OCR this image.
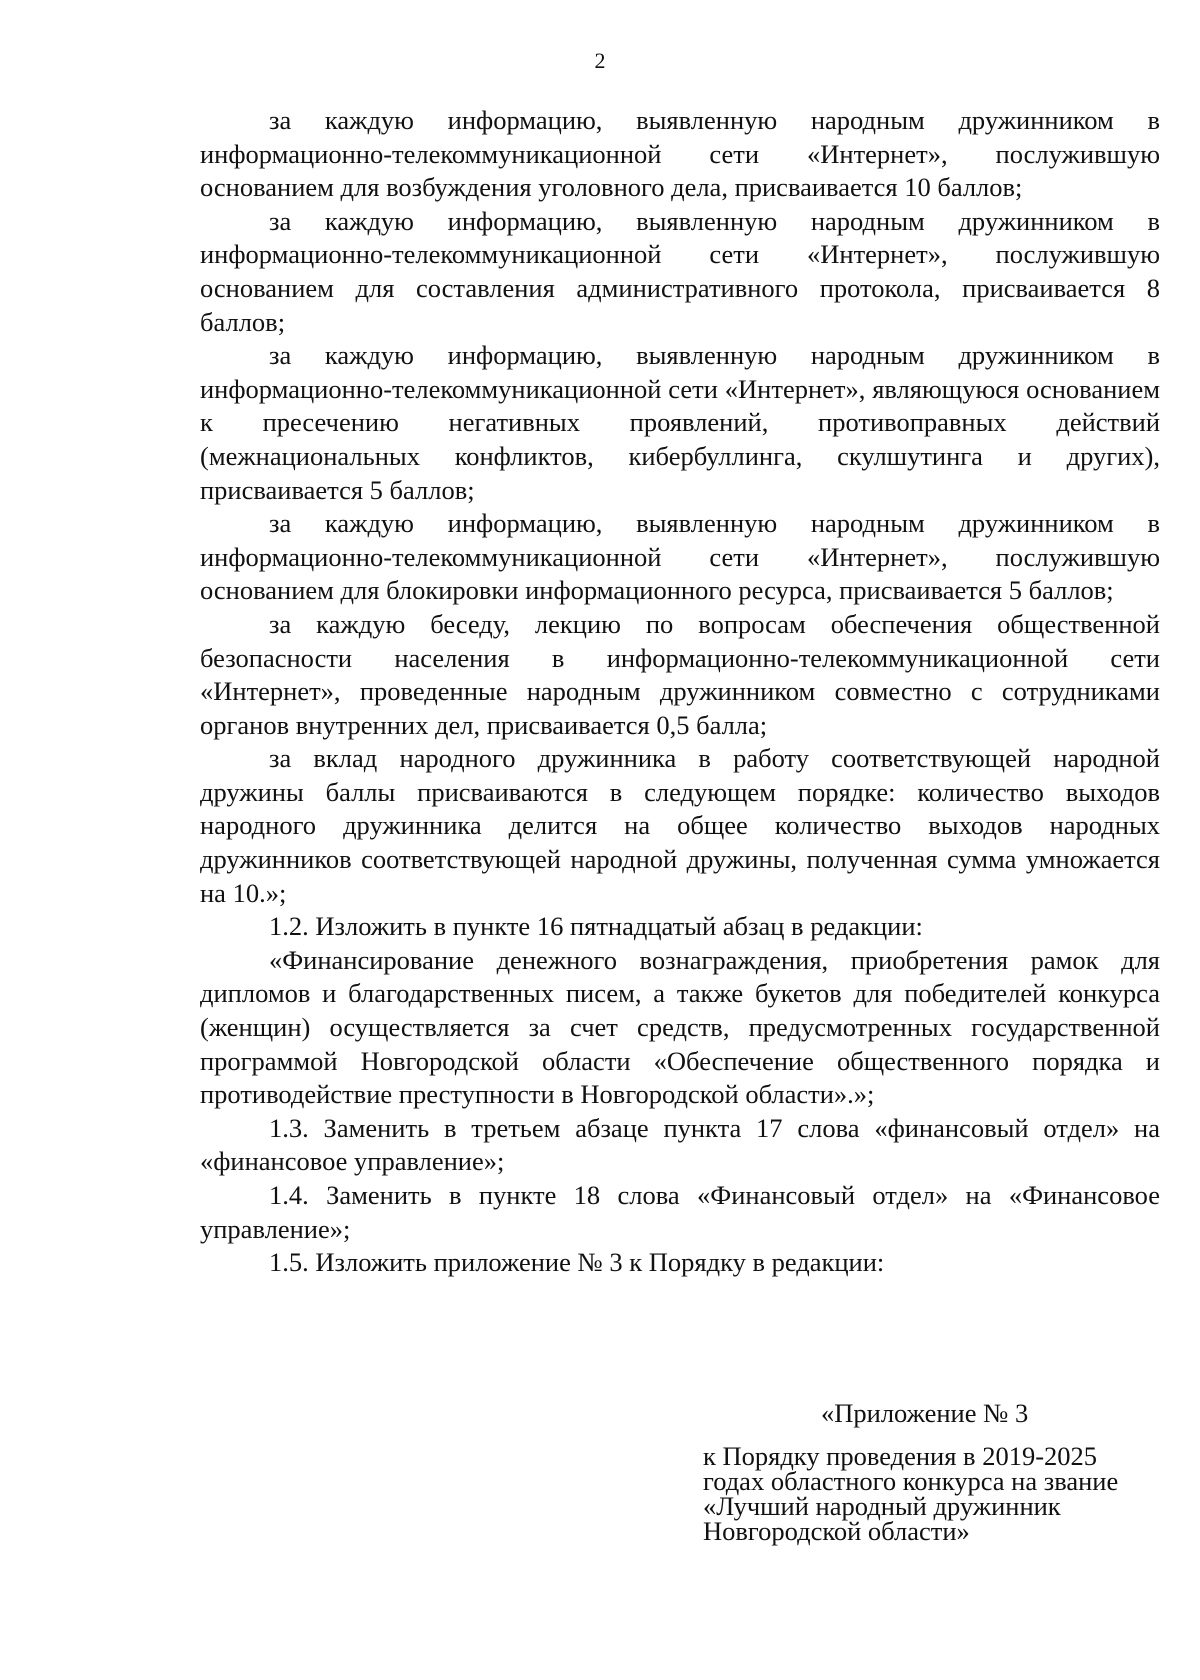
2

за каждую информацию, выявленную народным дружинником в информационно-телекоммуникационной сети «Интернет», послужившую основанием для возбуждения уголовного дела, присваивается 10 баллов;

за каждую информацию, выявленную народным дружинником в информационно-телекоммуникационной сети «Интернет», послужившую основанием для составления административного протокола, присваивается 8 баллов;

за каждую информацию, выявленную народным дружинником в информационно-телекоммуникационной сети «Интернет», являющуюся основанием к пресечению негативных проявлений, противоправных действий (межнациональных конфликтов, кибербуллинга, скулшутинга и других), присваивается 5 баллов;

за каждую информацию, выявленную народным дружинником в информационно-телекоммуникационной сети «Интернет», послужившую основанием для блокировки информационного ресурса, присваивается 5 баллов;

за каждую беседу, лекцию по вопросам обеспечения общественной безопасности населения в информационно-телекоммуникационной сети «Интернет», проведенные народным дружинником совместно с сотрудниками органов внутренних дел, присваивается 0,5 балла;

за вклад народного дружинника в работу соответствующей народной дружины баллы присваиваются в следующем порядке: количество выходов народного дружинника делится на общее количество выходов народных дружинников соответствующей народной дружины, полученная сумма умножается на 10.»;

1.2. Изложить в пункте 16 пятнадцатый абзац в редакции:

«Финансирование денежного вознаграждения, приобретения рамок для дипломов и благодарственных писем, а также букетов для победителей конкурса (женщин) осуществляется за счет средств, предусмотренных государственной программой Новгородской области «Обеспечение общественного порядка и противодействие преступности в Новгородской области».»;

1.3. Заменить в третьем абзаце пункта 17 слова «финансовый отдел» на «финансовое управление»;

1.4. Заменить в пункте 18 слова «Финансовый отдел» на «Финансовое управление»;

1.5. Изложить приложение № 3 к Порядку в редакции:

«Приложение № 3

к Порядку проведения в 2019-2025 годах областного конкурса на звание «Лучший народный дружинник Новгородской области»
